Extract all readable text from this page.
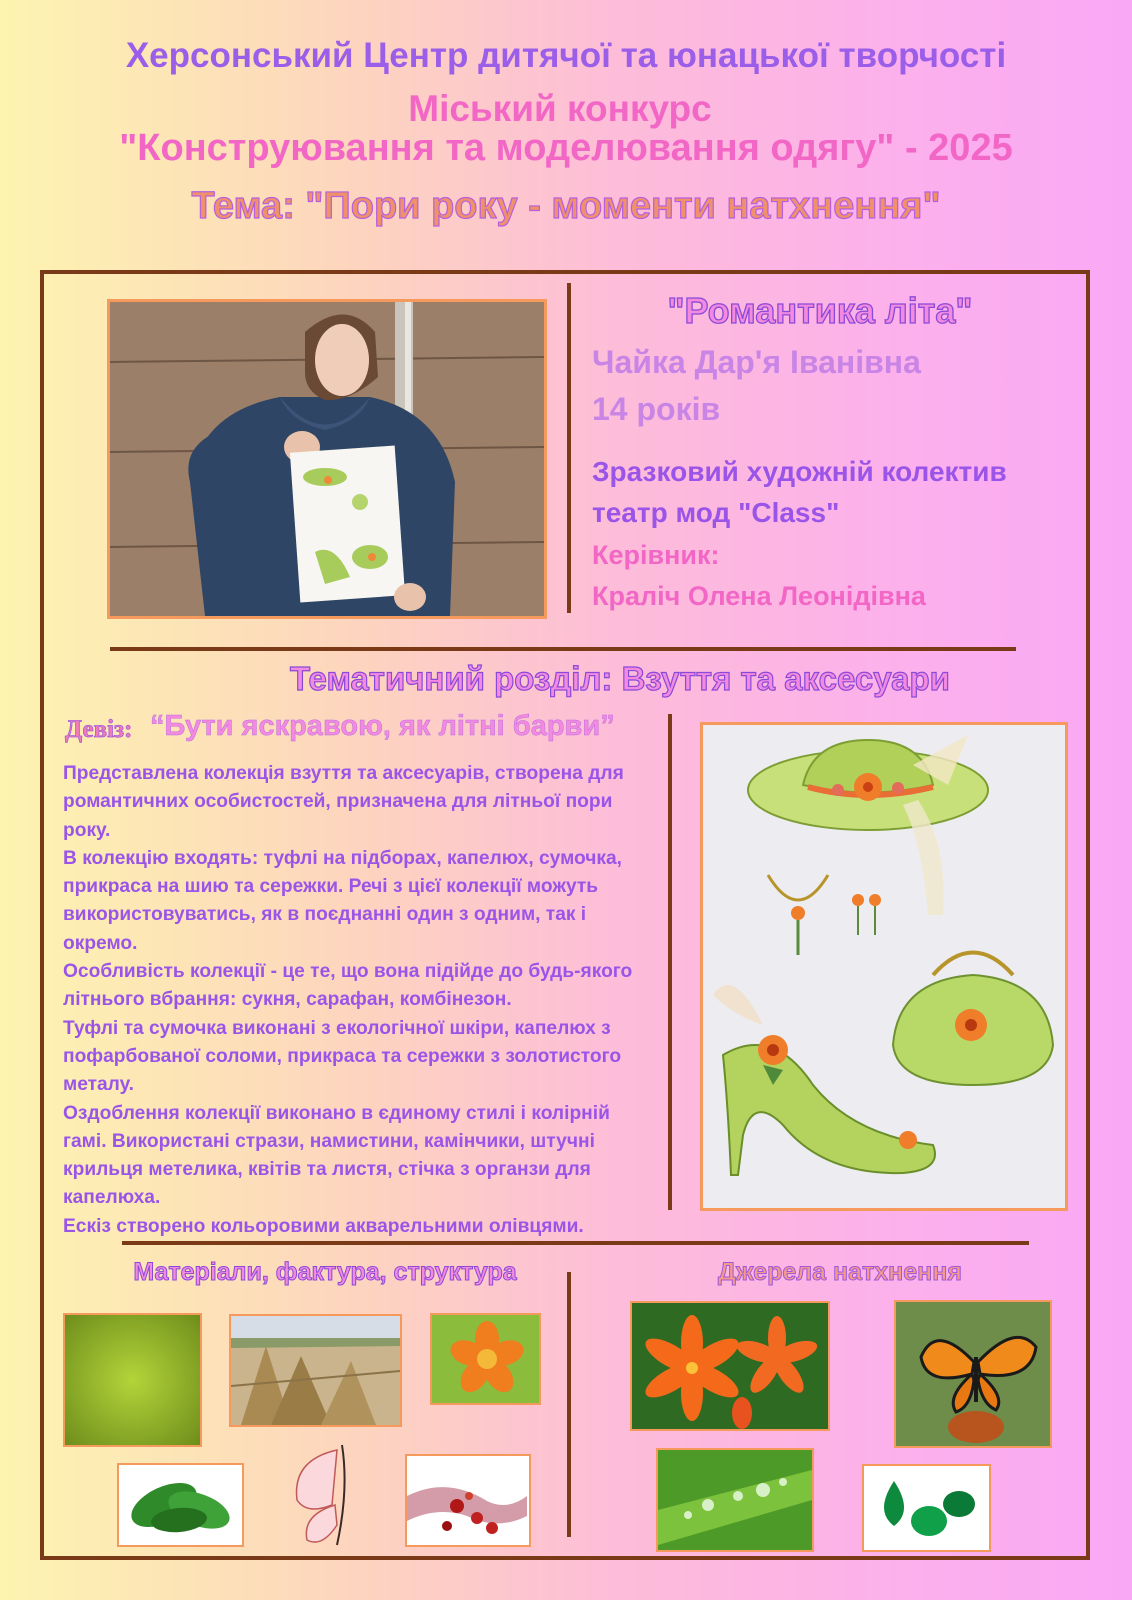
Херсонський Центр дитячої та юнацької творчості
Міський конкурс
"Конструювання та моделювання одягу" - 2025
Тема: "Пори року - моменти натхнення"
"Романтика літа"
Чайка Дар'я Іванівна
14 років
Зразковий художній колектив
театр мод "Class"
Керівник:
Краліч Олена Леонідівна
Тематичний розділ: Взуття та аксесуари
Девіз: “Бути яскравою, як літні барви”
Представлена колекція взуття та аксесуарів, створена для романтичних особистостей, призначена для літньої пори року.
В колекцію входять: туфлі на підборах, капелюх, сумочка, прикраса на шию та сережки. Речі з цієї колекції можуть використовуватись, як в поєднанні один з одним, так і окремо.
Особливість колекції - це те, що вона підійде до будь-якого літнього вбрання: сукня, сарафан, комбінезон.
Туфлі та сумочка виконані з екологічної шкіри, капелюх з пофарбованої соломи, прикраса та сережки з золотистого металу.
Оздоблення колекції виконано в єдиному стилі і колірній гамі. Використані стрази, намистини, камінчики, штучні крильця метелика, квітів та листя, стічка з органзи для капелюха.
Ескіз створено кольоровими акварельними олівцями.
Матеріали, фактура, структура	Джерела натхнення
